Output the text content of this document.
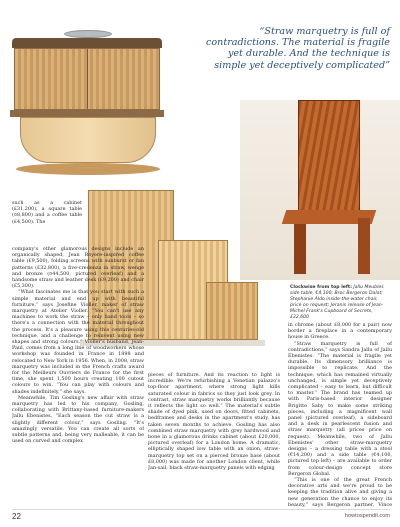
“Straw marquetry is full of contradictions. The material is fragile yet durable. And the technique is simple yet deceptively complicated”
Clockwise from top left: Jallu Meubles side table, €4,100; Broc Bergeron Dalat; Stephanie Aldo inside-the-water chair, price on request; Jeranis release of Jean-Michel Frank's Cupboard of Secrets, £32,600

such as a cabinet (£31,200), a square table (¤8,800) and a coffee table (£4,500). The

company's other glamorous designs include an organically shaped, Jean Royere-inspired coffee table (£9,500), folding screens with sunburst or fan patterns (£32,800), a five-credenza in straw, wenge and bronze (¤44,500, pictured overleaf) and a handsome straw and leather desk (£9,200) and chair (£5,300).

“What fascinates me is that you start with such a simple material and end up with beautiful furniture,” says Josefine Violler, maker of straw marquetry at Atelier Violler. “You can't use any machines to work the straw – only hand tools – so there's a connection with the material throughout the process. It's a pleasure using this centuries-old technique, and a challenge to reinvent using new shapes and strong colours.” Violler's husband, Jean-Paul, comes from a long line of woodworkers whose workshop was founded in France in 1898 and relocated to New York in 1956. When, in 2008, straw marquetry was included in the French crafts award for the Meilleurs Ouvriers de France for the first time, she spent 1,500 hours creating 100 cutout colours to win. “You can play with colours and shades indefinitely,” she says.

Meanwhile, Tim Gosling's new affair with straw marquetry has led to his company, Gosling, collaborating with Brittany-based furniture-makers Jallu Ebenistes. “Each season the cut straw is a slightly different colour,” says Gosling. “It's amazingly versatile. You can create all sorts of subtle patterns and, being very malleable, it can be used on curved and complex

pieces of furniture. And its reaction to light is incredible. We're refurbishing a Venetian palazzo's top-floor apartment, where strong light kills saturated colour in fabrics so they just look grey. In contrast, straw marquetry works brilliantly because it reflects the light so well.” The material's subtle shade of dyed pink, used on doors, fitted cabinets, bedframes and desks in the apartment's study, has taken seven months to achieve. Gosling has also combined straw marquetry with grey hardwood and bone in a glamorous drinks cabinet (about £20,000, pictured overleaf) for a London home. A dramatic, elliptically shaped low table with an onion, straw-marquetry top set on a pierced bronze base (about £8,000) was made for another London client, while Jan-sail, black straw-marquetry panels with edging

in chrome (about £8,000 for a pair) now border a fireplace in a contemporary house in Greece.

“Straw marquetry is full of contradictions,” says Sandra Jallu of Jallu Ebenistes. “The material is fragile yet durable. Its dimensory brilliance is impossible to replicate. And the technique, which has remained virtually unchanged, is simple yet deceptively complicated – easy to learn, but difficult to master.” The brand has teamed up with Paris-based interior designer Brigitte Saby to make some striking pieces, including a magnificent wall panel (pictured overleaf), a sideboard and a desk in pearlescent fusion and straw marquetry (all prices price on request). Meanwhile, two of Jallu Ebenistes' other straw-marquetry designs – a dressing table with a stool (€14,200) and a side table (€4,100, pictured top left) – are available to order from colour-design concept store Bergeron Global.

“This is one of the great French decorative arts and we're proud to be keeping the tradition alive and giving a new generation the chance to enjoy its beauty,” says Bergeron partner, Vince

22	howtospendit.com
